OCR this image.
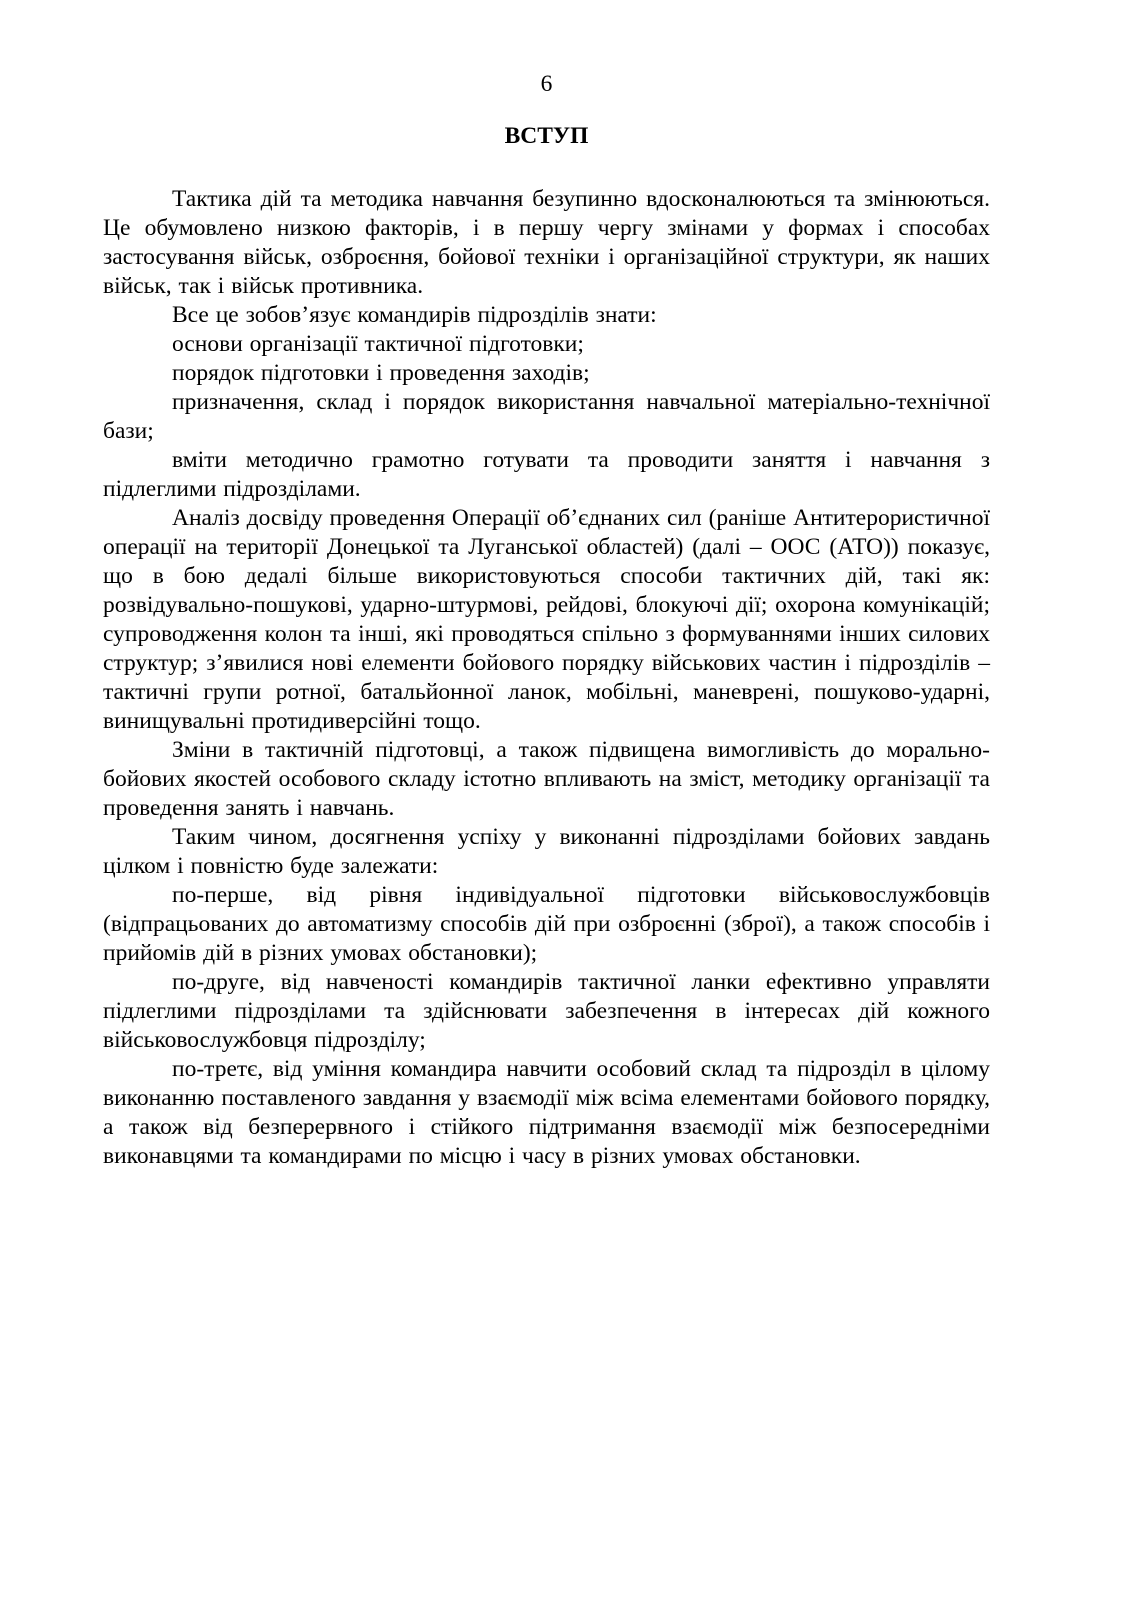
6
ВСТУП

Тактика дій та методика навчання безупинно вдосконалюються та змінюються. Це обумовлено низкою факторів, і в першу чергу змінами у формах і способах застосування військ, озброєння, бойової техніки і організаційної структури, як наших військ, так і військ противника.

Все це зобов’язує командирів підрозділів знати:

основи організації тактичної підготовки;

порядок підготовки і проведення заходів;

призначення, склад і порядок використання навчальної матеріально-технічної бази;

вміти методично грамотно готувати та проводити заняття і навчання з підлеглими підрозділами.

Аналіз досвіду проведення Операції об’єднаних сил (раніше Антитерористичної операції на території Донецької та Луганської областей) (далі – ООС (АТО)) показує, що в бою дедалі більше використовуються способи тактичних дій, такі як: розвідувально-пошукові, ударно-штурмові, рейдові, блокуючі дії; охорона комунікацій; супроводження колон та інші, які проводяться спільно з формуваннями інших силових структур; з’явилися нові елементи бойового порядку військових частин і підрозділів – тактичні групи ротної, батальйонної ланок, мобільні, маневрені, пошуково-ударні, винищувальні протидиверсійні тощо.

Зміни в тактичній підготовці, а також підвищена вимогливість до морально-бойових якостей особового складу істотно впливають на зміст, методику організації та проведення занять і навчань.

Таким чином, досягнення успіху у виконанні підрозділами бойових завдань цілком і повністю буде залежати:

по-перше, від рівня індивідуальної підготовки військовослужбовців (відпрацьованих до автоматизму способів дій при озброєнні (зброї), а також способів і прийомів дій в різних умовах обстановки);

по-друге, від навченості командирів тактичної ланки ефективно управляти підлеглими підрозділами та здійснювати забезпечення в інтересах дій кожного військовослужбовця підрозділу;

по-третє, від уміння командира навчити особовий склад та підрозділ в цілому виконанню поставленого завдання у взаємодії між всіма елементами бойового порядку, а також від безперервного і стійкого підтримання взаємодії між безпосередніми виконавцями та командирами по місцю і часу в різних умовах обстановки.
